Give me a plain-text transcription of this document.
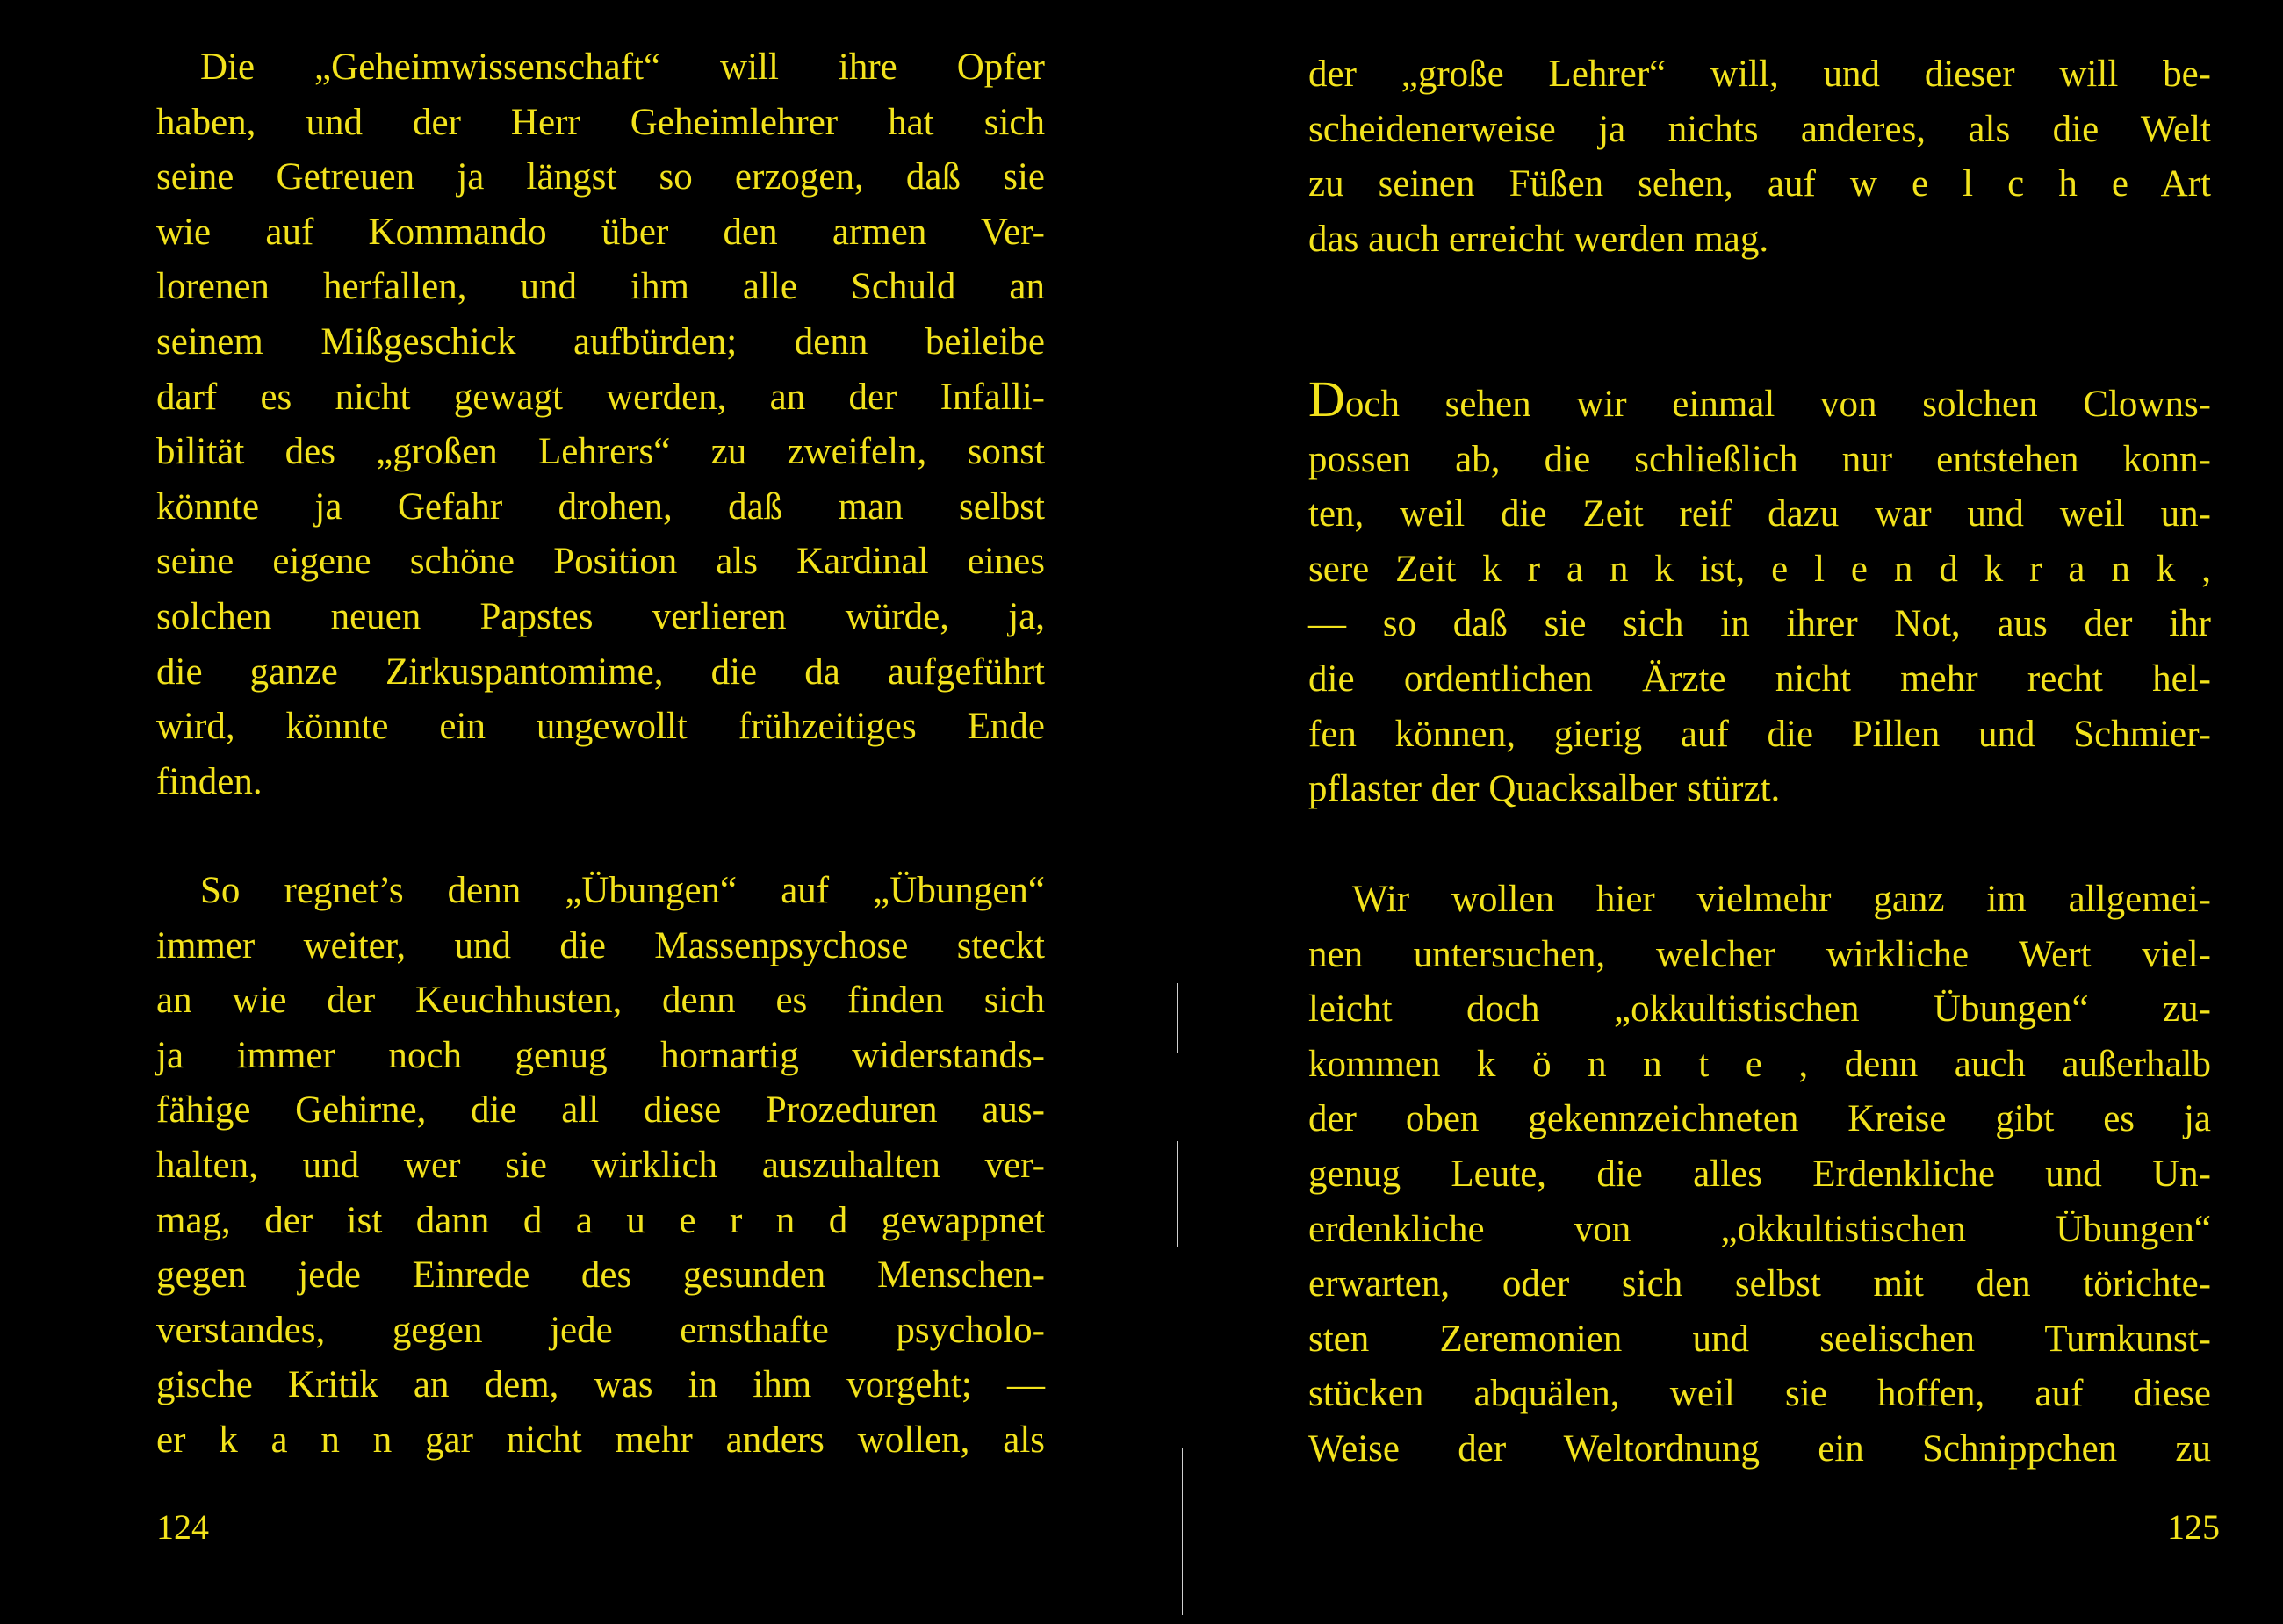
Die „Geheimwissenschaft“ will ihre Opfer
haben, und der Herr Geheimlehrer hat sich
seine Getreuen ja längst so erzogen, daß sie
wie auf Kommando über den armen Ver-
lorenen herfallen, und ihm alle Schuld an
seinem Mißgeschick aufbürden; denn beileibe
darf es nicht gewagt werden, an der Infalli-
bilität des „großen Lehrers“ zu zweifeln, sonst
könnte ja Gefahr drohen, daß man selbst
seine eigene schöne Position als Kardinal eines
solchen neuen Papstes verlieren würde, ja,
die ganze Zirkuspantomime, die da aufgeführt
wird, könnte ein ungewollt frühzeitiges Ende
finden.
So regnet’s denn „Übungen“ auf „Übungen“
immer weiter, und die Massenpsychose steckt
an wie der Keuchhusten, denn es finden sich
ja immer noch genug hornartig widerstands-
fähige Gehirne, die all diese Prozeduren aus-
halten, und wer sie wirklich auszuhalten ver-
mag, der ist dann d a u e r n d gewappnet
gegen jede Einrede des gesunden Menschen-
verstandes, gegen jede ernsthafte psycholo-
gische Kritik an dem, was in ihm vorgeht; —
er k a n n gar nicht mehr anders wollen, als
124
der „große Lehrer“ will, und dieser will be-
scheidenerweise ja nichts anderes, als die Welt
zu seinen Füßen sehen, auf w e l c h e Art
das auch erreicht werden mag.
Doch sehen wir einmal von solchen Clowns-
possen ab, die schließlich nur entstehen konn-
ten, weil die Zeit reif dazu war und weil un-
sere Zeit k r a n k ist, e l e n d k r a n k ,
— so daß sie sich in ihrer Not, aus der ihr
die ordentlichen Ärzte nicht mehr recht hel-
fen können, gierig auf die Pillen und Schmier-
pflaster der Quacksalber stürzt.
Wir wollen hier vielmehr ganz im allgemei-
nen untersuchen, welcher wirkliche Wert viel-
leicht doch „okkultistischen Übungen“ zu-
kommen k ö n n t e , denn auch außerhalb
der oben gekennzeichneten Kreise gibt es ja
genug Leute, die alles Erdenkliche und Un-
erdenkliche von „okkultistischen Übungen“
erwarten, oder sich selbst mit den törichte-
sten Zeremonien und seelischen Turnkunst-
stücken abquälen, weil sie hoffen, auf diese
Weise der Weltordnung ein Schnippchen zu
125
